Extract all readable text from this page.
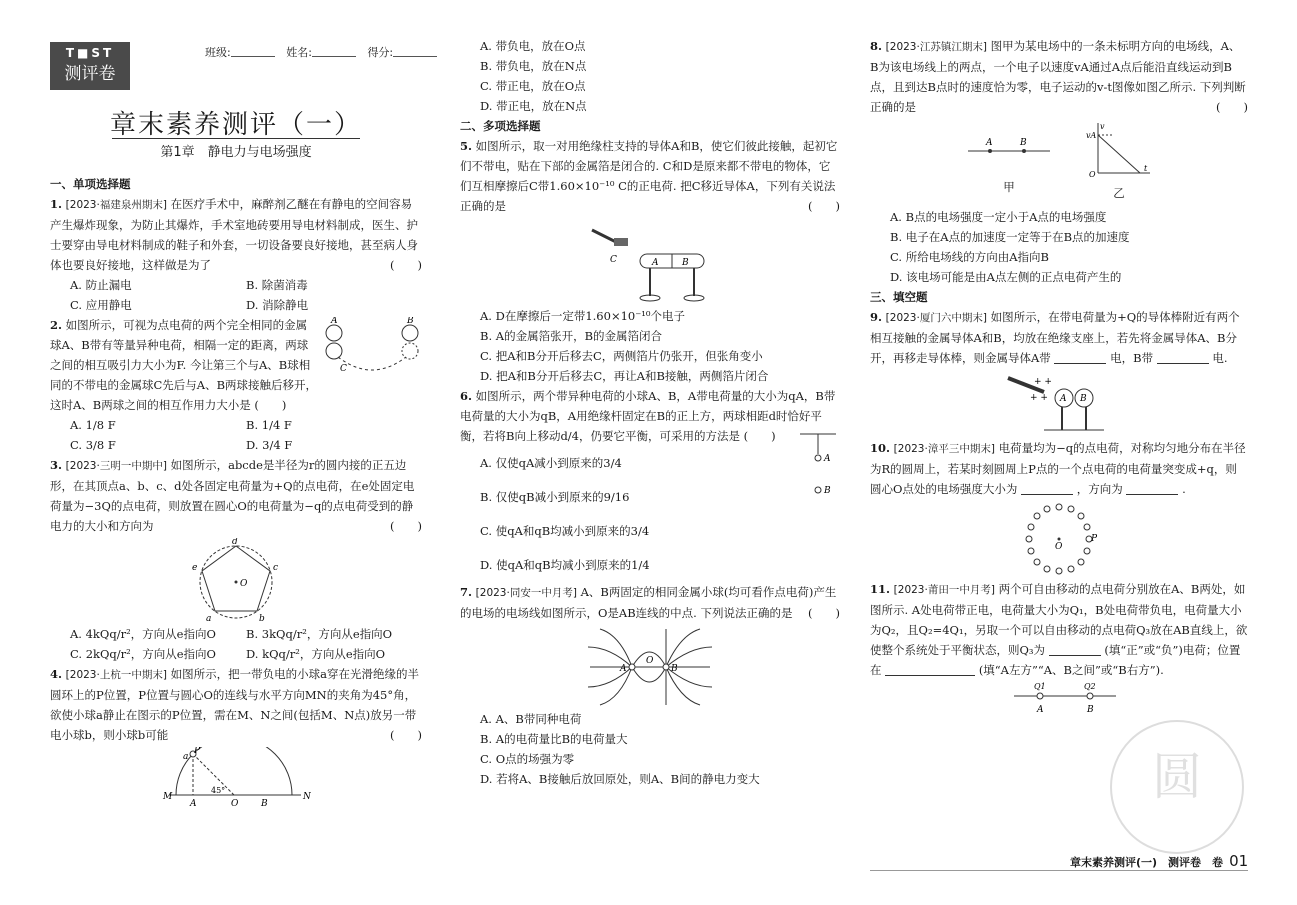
T■ST
测评卷
班级:	姓名:	得分:
章末素养测评（一）
第1章　静电力与电场强度
一、单项选择题
1. [2023·福建泉州期末] 在医疗手术中，麻醉剂乙醚在有静电的空间容易产生爆炸现象，为防止其爆炸，手术室地砖要用导电材料制成，医生、护士要穿由导电材料制成的鞋子和外套，一切设备要良好接地，甚至病人身体也要良好接地，这样做是为了	(　　)
A. 防止漏电	B. 除菌消毒
C. 应用静电	D. 消除静电
A	B
C
2. 如图所示，可视为点电荷的两个完全相同的金属球A、B带有等量异种电荷，相隔一定的距离，两球之间的相互吸引力大小为F. 今让第三个与A、B球相同的不带电的金属球C先后与A、B两球接触后移开，这时A、B两球之间的相互作用力大小是 (　　)
A. 1/8 F	B. 1/4 F
C. 3/8 F	D. 3/4 F
3. [2023·三明一中期中] 如图所示，abcde是半径为r的圆内接的正五边形，在其顶点a、b、c、d处各固定电荷量为+Q的点电荷，在e处固定电荷量为−3Q的点电荷，则放置在圆心O的电荷量为−q的点电荷受到的静电力的大小和方向为	(　　)
d
c
b
a
e
O
A. 4kQq/r²，方向从e指向O	B. 3kQq/r²，方向从e指向O
C. 2kQq/r²，方向从e指向O	D. kQq/r²，方向从e指向O
4. [2023·上杭一中期末] 如图所示，把一带负电的小球a穿在光滑绝缘的半圆环上的P位置，P位置与圆心O的连线与水平方向MN的夹角为45°角，欲使小球a静止在图示的P位置，需在M、N之间(包括M、N点)放另一带电小球b，则小球b可能	(　　)
M	N
P
a
A	O	B
45°
A. 带负电，放在O点
B. 带负电，放在N点
C. 带正电，放在O点
D. 带正电，放在N点
二、多项选择题
5. 如图所示，取一对用绝缘柱支持的导体A和B，使它们彼此接触，起初它们不带电，贴在下部的金属箔是闭合的. C和D是原来都不带电的物体，它们互相摩擦后C带1.60×10⁻¹⁰ C的正电荷. 把C移近导体A，下列有关说法正确的是	(　　)
C	A	B
A. D在摩擦后一定带1.60×10⁻¹⁰个电子
B. A的金属箔张开，B的金属箔闭合
C. 把A和B分开后移去C，两侧箔片仍张开，但张角变小
D. 把A和B分开后移去C，再让A和B接触，两侧箔片闭合
6. 如图所示，两个带异种电荷的小球A、B，A带电荷量的大小为qA，B带电荷量的大小为qB，A用绝缘杆固定在B的正上方，两球相距d时恰好平衡，若将B向上移动d/4，仍要它平衡，可采用的方法是 (　　)
A
B
A. 仅使qA减小到原来的3/4
B. 仅使qB减小到原来的9/16
C. 使qA和qB均减小到原来的3/4
D. 使qA和qB均减小到原来的1/4
7. [2023·同安一中月考] A、B两固定的相同金属小球(均可看作点电荷)产生的电场的电场线如图所示，O是AB连线的中点. 下列说法正确的是 (　　)
A
O
B
A. A、B带同种电荷
B. A的电荷量比B的电荷量大
C. O点的场强为零
D. 若将A、B接触后放回原处，则A、B间的静电力变大
8. [2023·江苏镇江期末] 图甲为某电场中的一条未标明方向的电场线，A、B为该电场线上的两点，一个电子以速度vA通过A点后能沿直线运动到B点，且到达B点时的速度恰为零，电子运动的v-t图像如图乙所示. 下列判断正确的是	(　　)
A	B
甲
v
vA
O
t
乙
A. B点的电场强度一定小于A点的电场强度
B. 电子在A点的加速度一定等于在B点的加速度
C. 所给电场线的方向由A指向B
D. 该电场可能是由A点左侧的正点电荷产生的
三、填空题
9. [2023·厦门六中期末] 如图所示，在带电荷量为+Q的导体棒附近有两个相互接触的金属导体A和B，均放在绝缘支座上，若先将金属导体A、B分开，再移走导体棒，则金属导体A带	电，B带	电.
+ +
+ + A B
10. [2023·漳平三中期末] 电荷量均为−q的点电荷，对称均匀地分布在半径为R的圆周上，若某时刻圆周上P点的一个点电荷的电荷量突变成+q，则圆心O点处的电场强度大小为	，方向为	.
O
P
11. [2023·莆田一中月考] 两个可自由移动的点电荷分别放在A、B两处，如图所示. A处电荷带正电，电荷量大小为Q₁，B处电荷带负电，电荷量大小为Q₂，且Q₂=4Q₁，另取一个可以自由移动的点电荷Q₃放在AB直线上，欲使整个系统处于平衡状态，则Q₃为	(填“正”或“负”)电荷；位置在	(填“A左方”“A、B之间”或“B右方”).
Q1	Q2
A	B
圆
章末素养测评(一)　测评卷　卷 01
